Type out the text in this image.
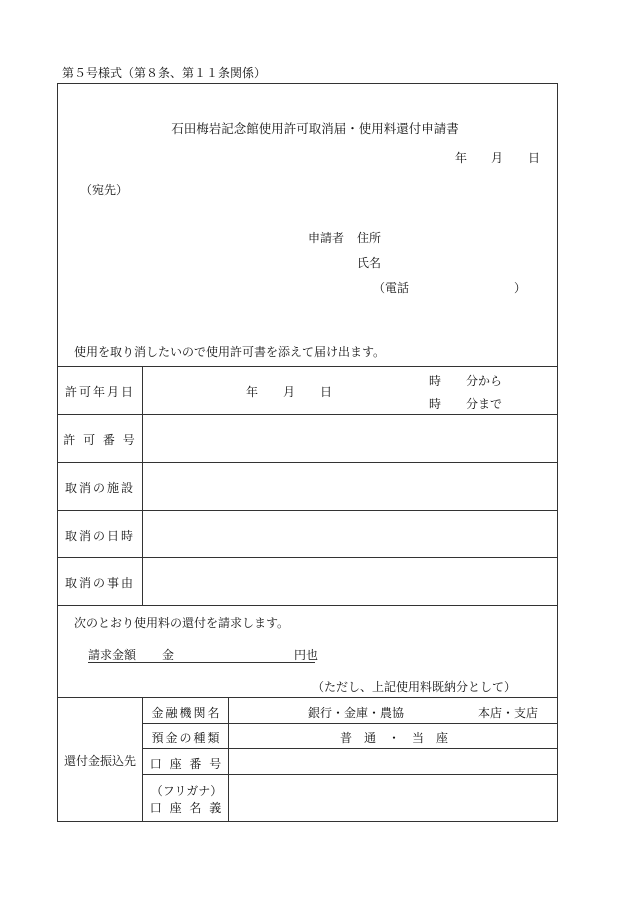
第５号様式（第８条、第１１条関係）
石田梅岩記念館使用許可取消届・使用料還付申請書
年 月 日
（宛先）
申請者 住所
氏名
（電話	）
使用を取り消したいので使用許可書を添えて届け出ます。
許可年月日	年 月 日
時 分から
時 分まで
許 可 番 号
取消の施設
取消の日時
取消の事由
次のとおり使用料の還付を請求します。
請求金額 金	円也
（ただし、上記使用料既納分として）
還付金振込先
金融機関名	銀行・金庫・農協	本店・支店
預金の種類	普　通　・　当　座
口 座 番 号
（フリガナ）
口 座 名 義
